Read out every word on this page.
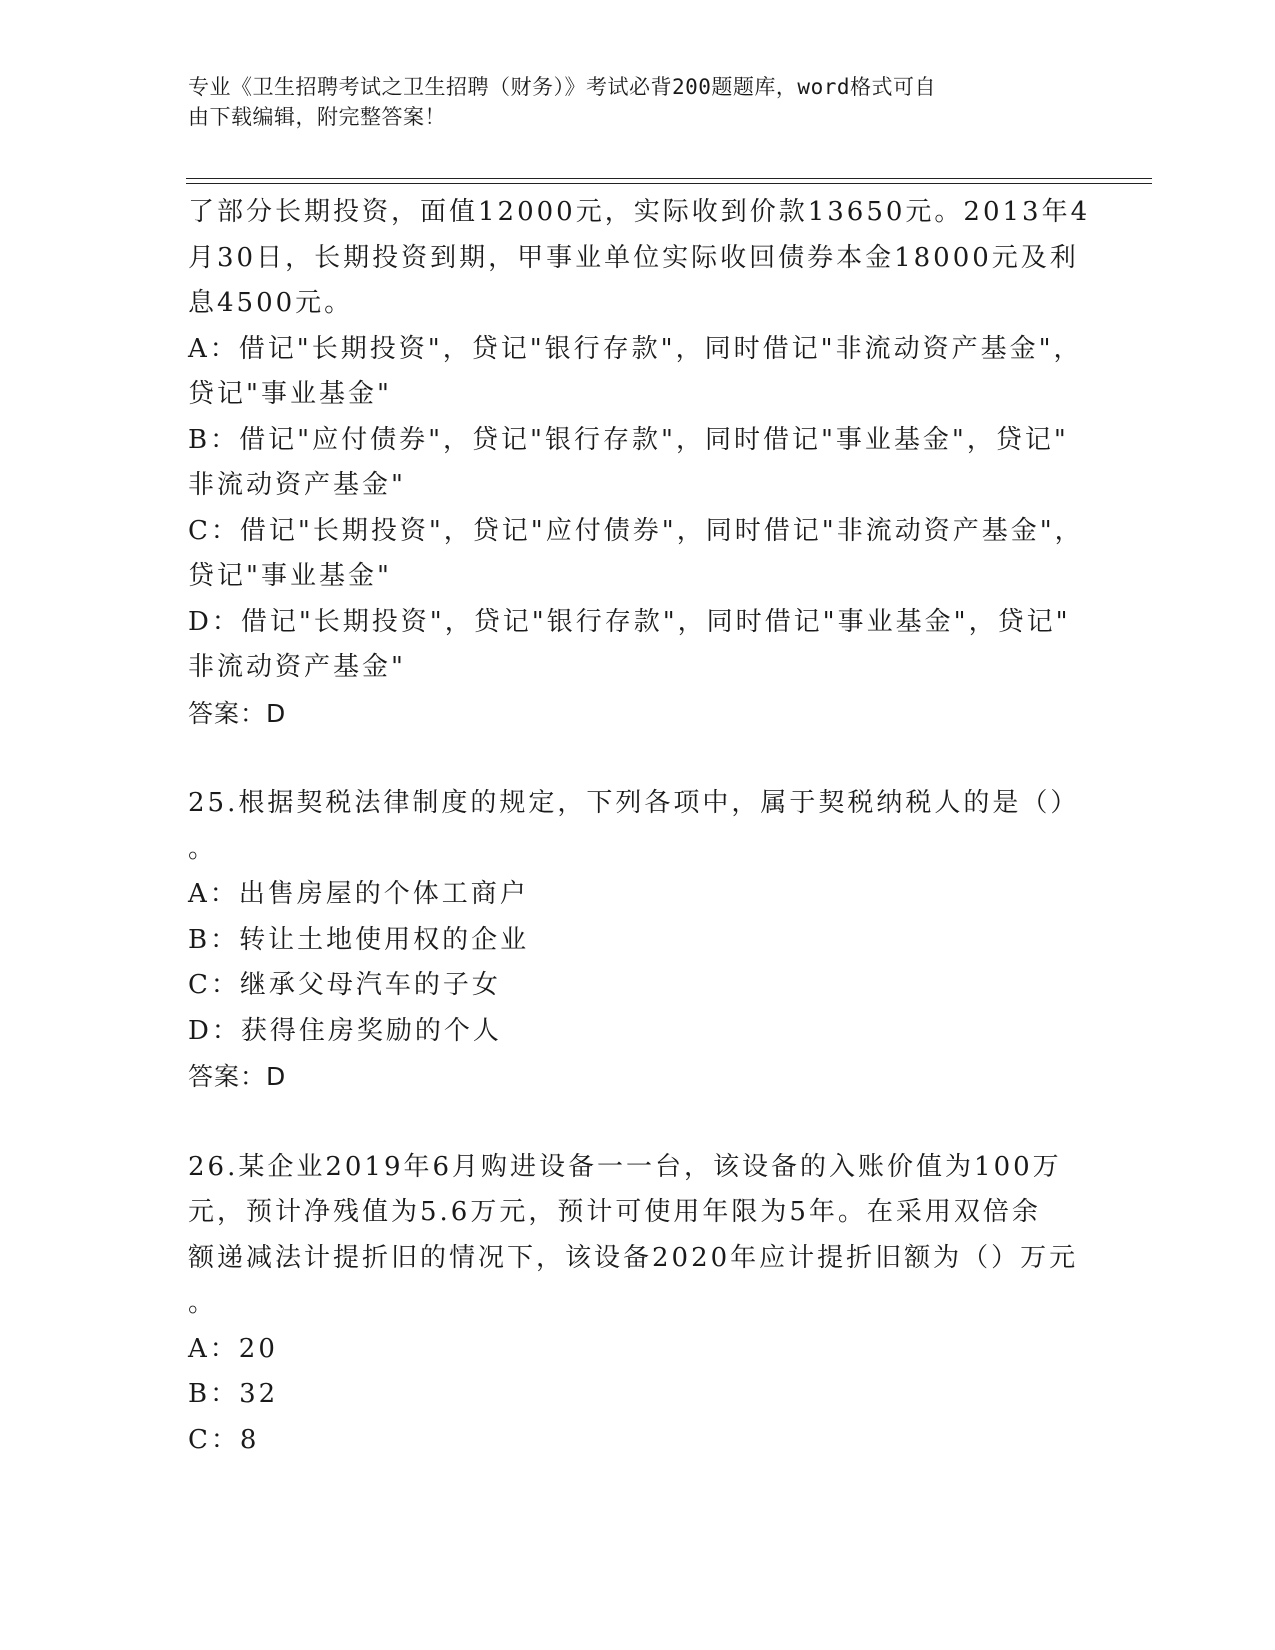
专业《卫生招聘考试之卫生招聘（财务）》考试必背200题题库，word格式可自
由下载编辑，附完整答案！

了部分长期投资，面值12000元，实际收到价款13650元。2013年4

月30日，长期投资到期，甲事业单位实际收回债券本金18000元及利

息4500元。

A：借记"长期投资"，贷记"银行存款"，同时借记"非流动资产基金"，

贷记"事业基金"

B：借记"应付债券"，贷记"银行存款"，同时借记"事业基金"，贷记"

非流动资产基金"

C：借记"长期投资"，贷记"应付债券"，同时借记"非流动资产基金"，

贷记"事业基金"

D：借记"长期投资"，贷记"银行存款"，同时借记"事业基金"，贷记"

非流动资产基金"

答案：D

25.根据契税法律制度的规定，下列各项中，属于契税纳税人的是（）

。

A：出售房屋的个体工商户

B：转让土地使用权的企业

C：继承父母汽车的子女

D：获得住房奖励的个人

答案：D

26.某企业2019年6月购进设备一一台，该设备的入账价值为100万

元，预计净残值为5.6万元，预计可使用年限为5年。在采用双倍余

额递减法计提折旧的情况下，该设备2020年应计提折旧额为（）万元

。

A：20

B：32

C：8
